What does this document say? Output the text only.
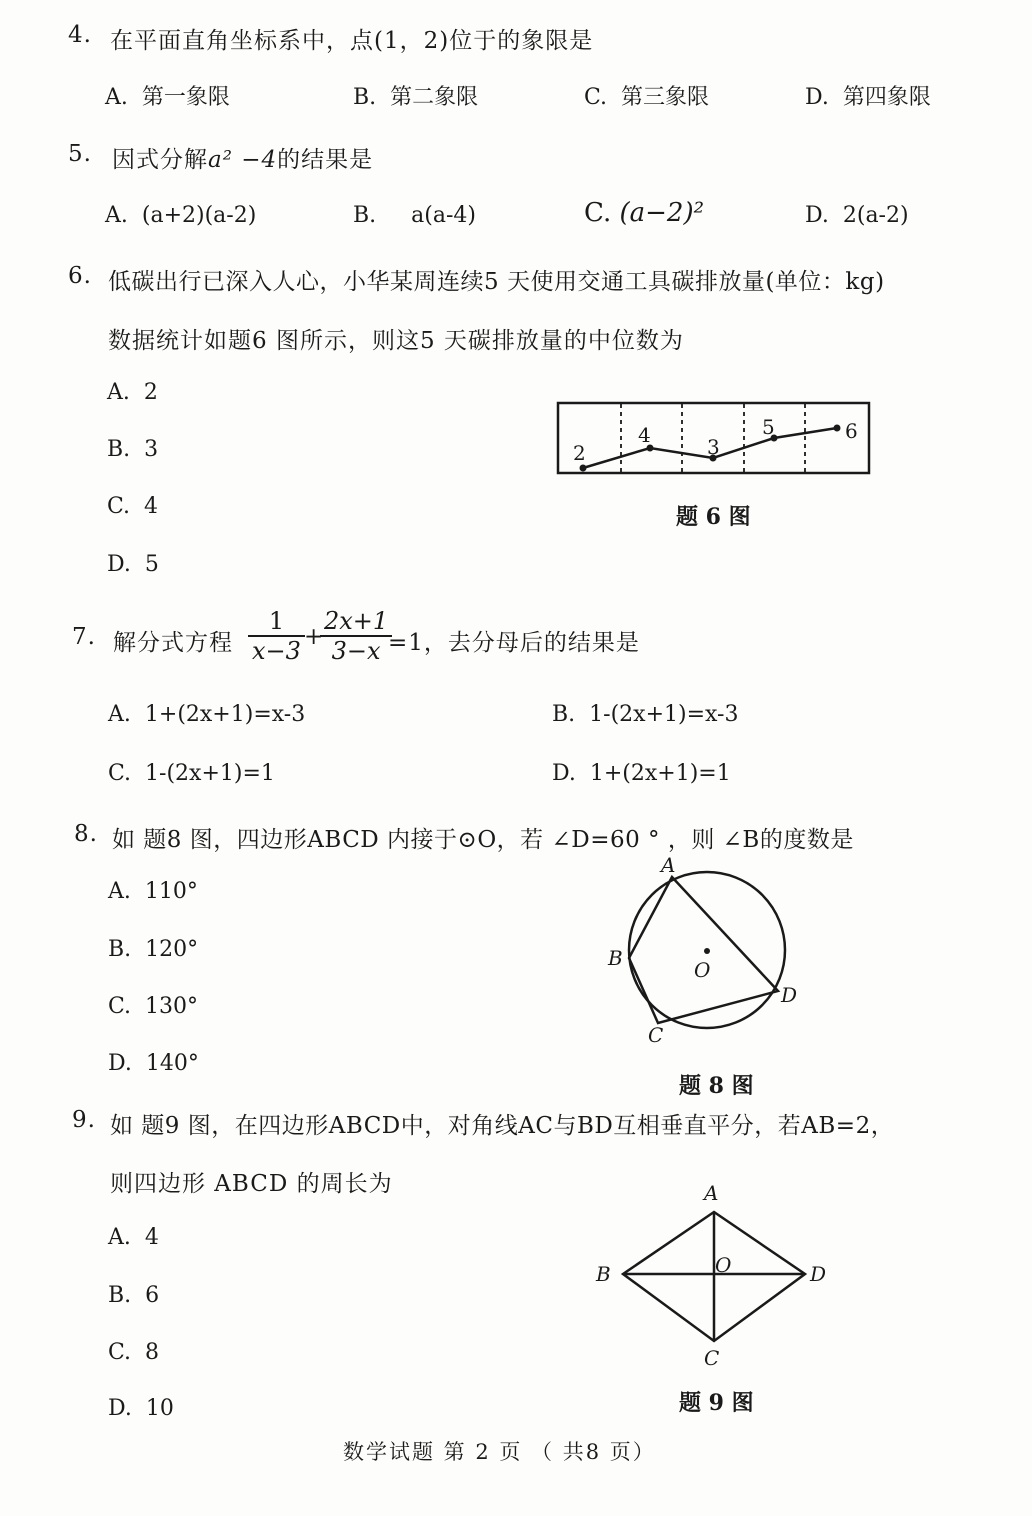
4. 在平面直角坐标系中，点(1，2)位于的象限是
A. 第一象限	B. 第二象限	C. 第三象限	D. 第四象限
5. 因式分解a² −4的结果是
A. (a+2)(a-2)	B. a(a-4)	C. (a−2)²	D. 2(a-2)
6. 低碳出行已深入人心，小华某周连续5 天使用交通工具碳排放量(单位：kg)
数据统计如题6 图所示，则这5 天碳排放量的中位数为
A. 2
B. 3
C. 4
D. 5
2
4	3
5	6
题 6 图
7. 解分式方程 $\frac{1}{x-3}$ +
$\frac{2x+1}{3-x}$
=1，去分母后的结果是
A. 1+(2x+1)=x-3	B. 1-(2x+1)=x-3
C. 1-(2x+1)=1	D. 1+(2x+1)=1
8. 如 题8 图，四边形ABCD 内接于⊙O，若 ∠D=60 ° ，则 ∠B的度数是
A. 110°
B. 120°
C. 130°
D. 140°
A
B
C
D
O
题 8 图
9. 如 题9 图，在四边形ABCD中，对角线AC与BD互相垂直平分，若AB=2，
则四边形 ABCD 的周长为
A. 4
B. 6
C. 8
D. 10
A
B
C
D
O
题 9 图
数学试题 第 2 页 （ 共8 页）
